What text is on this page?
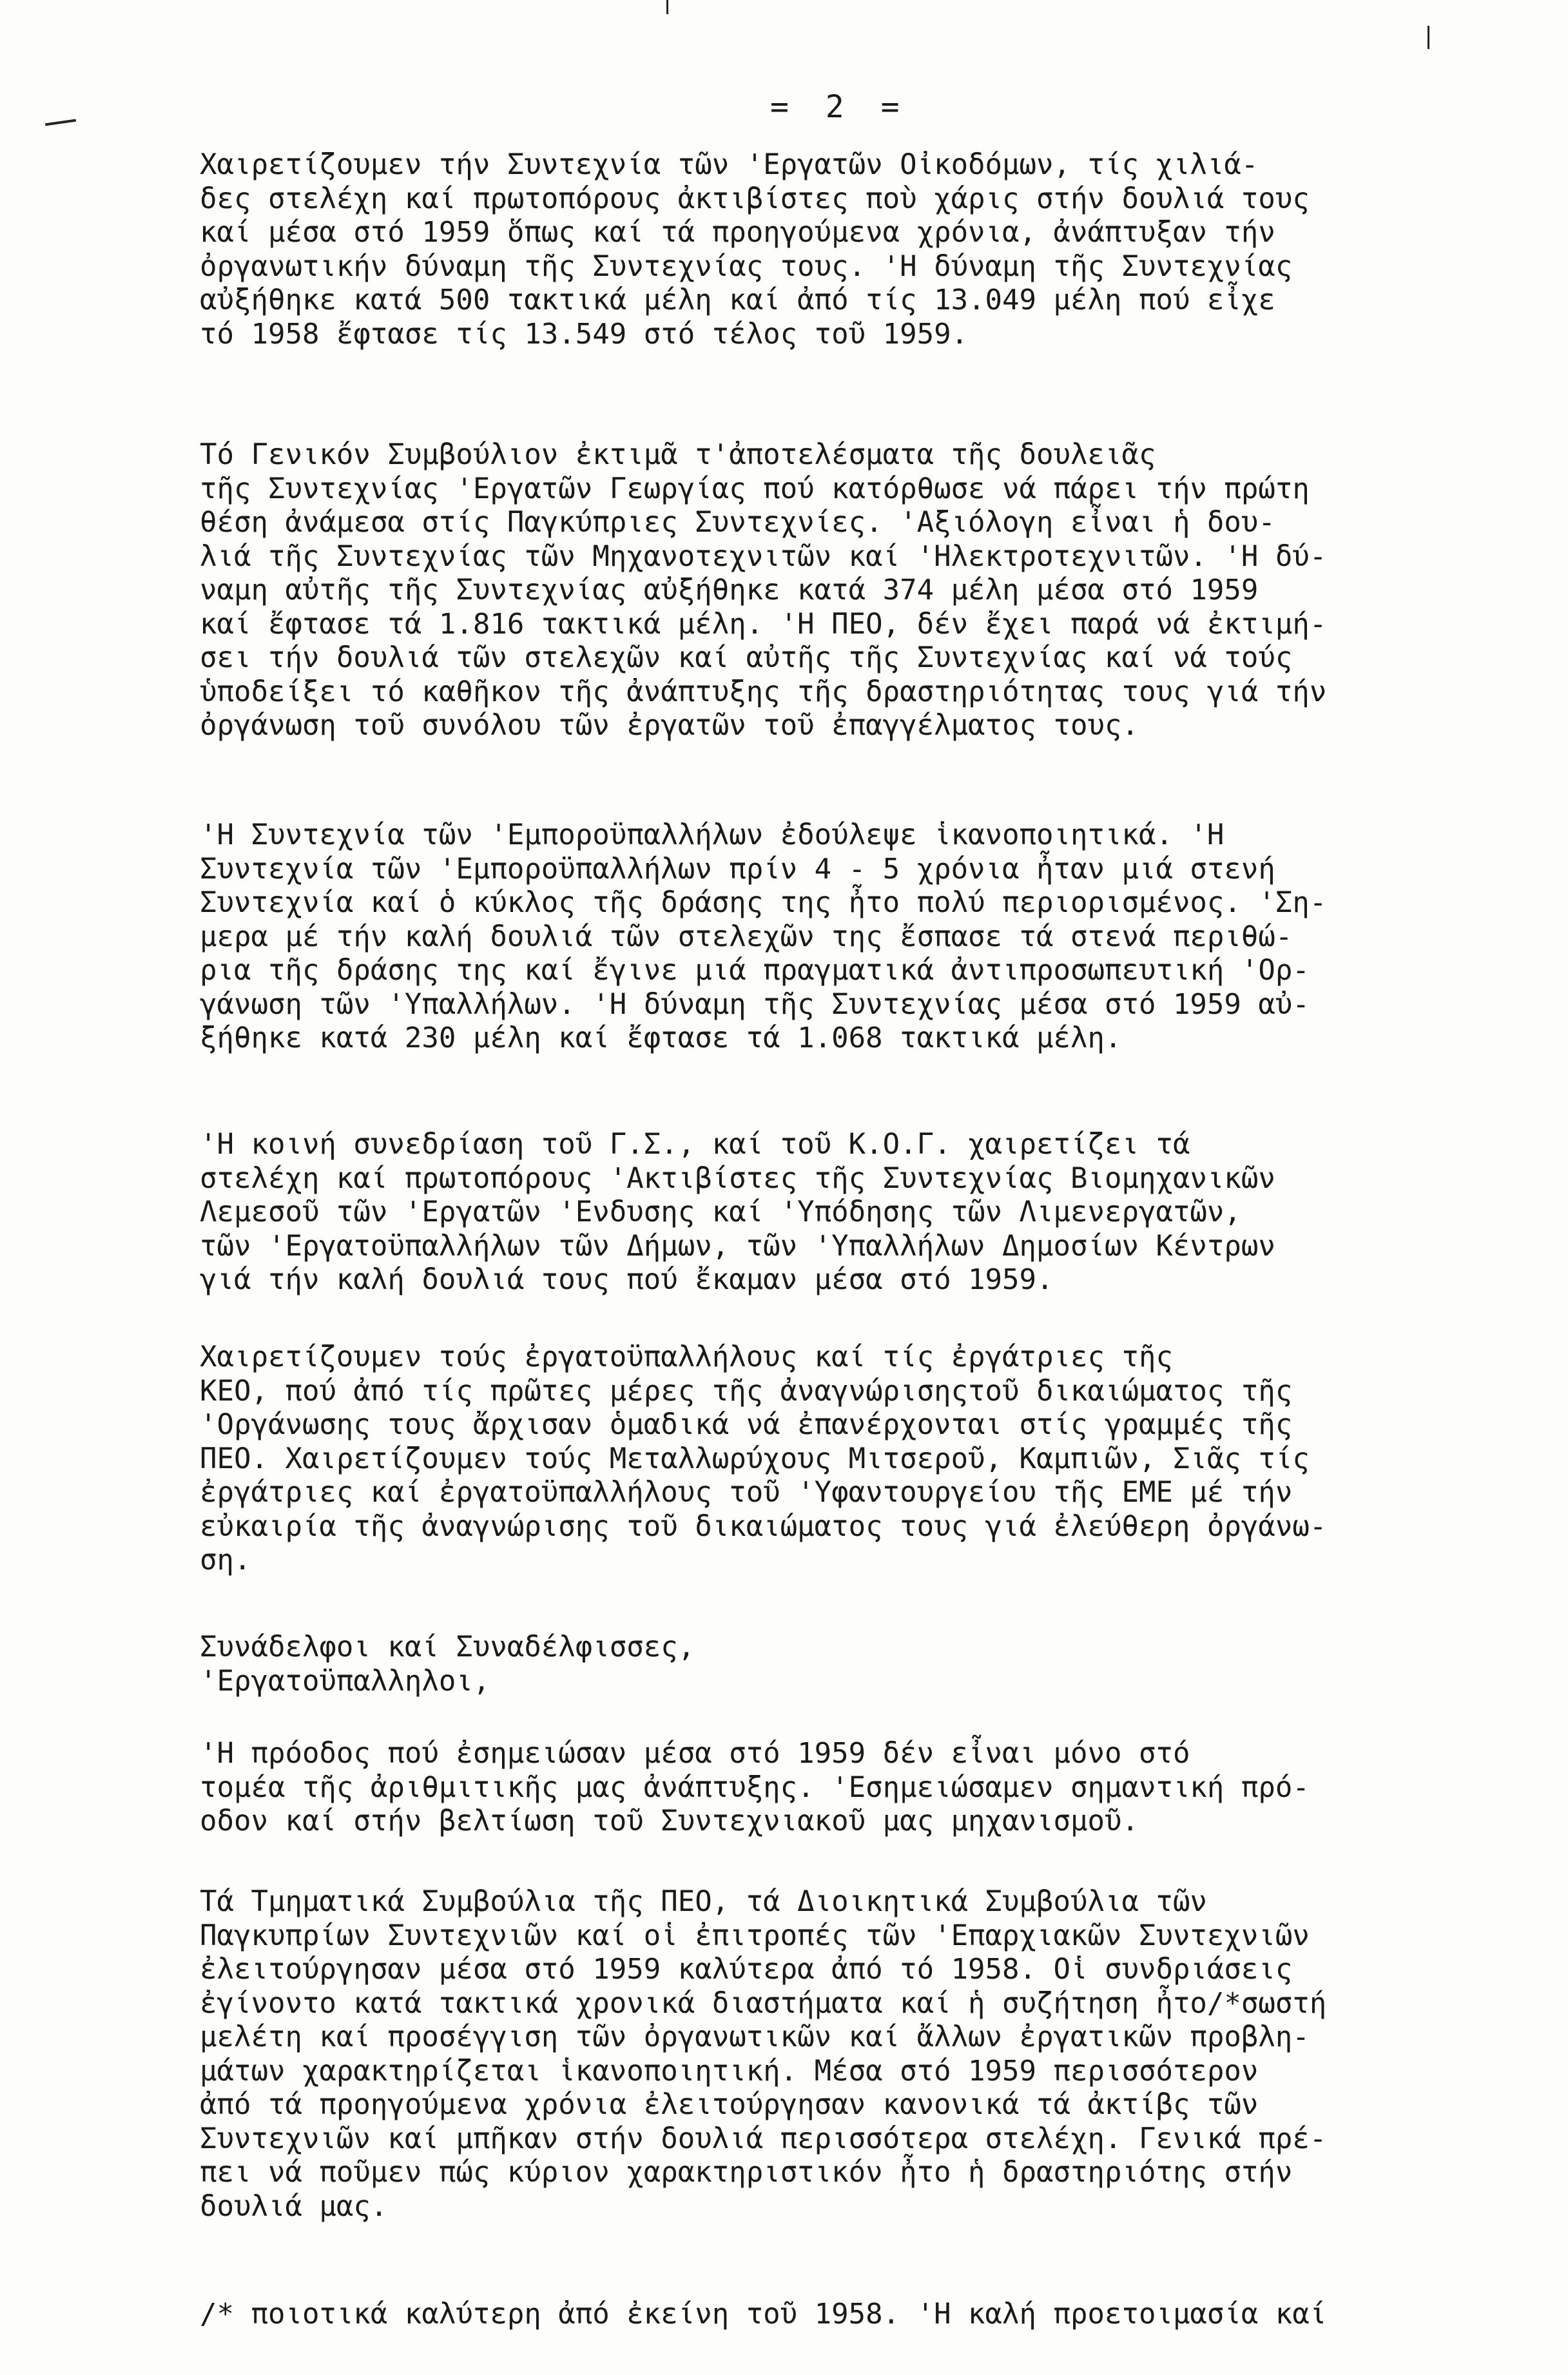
= 2 =
Χαιρετίζουμεν τήν Συντεχνία τῶν 'Εργατῶν Οἰκοδόμων, τίς χιλιά-
δες στελέχη καί πρωτοπόρους ἀκτιβίστες ποὺ χάρις στήν δουλιά τους
καί μέσα στό 1959 ὅπως καί τά προηγούμενα χρόνια, ἀνάπτυξαν τήν
ὀργανωτικήν δύναμη τῆς Συντεχνίας τους. 'Η δύναμη τῆς Συντεχνίας
αὐξήθηκε κατά 500 τακτικά μέλη καί ἀπό τίς 13.049 μέλη πού εἶχε
τό 1958 ἔφτασε τίς 13.549 στό τέλος τοῦ 1959.
Τό Γενικόν Συμβούλιον ἐκτιμᾶ τ'ἀποτελέσματα τῆς δουλειᾶς
τῆς Συντεχνίας 'Εργατῶν Γεωργίας πού κατόρθωσε νά πάρει τήν πρώτη
θέση ἀνάμεσα στίς Παγκύπριες Συντεχνίες. 'Αξιόλογη εἶναι ἡ δου-
λιά τῆς Συντεχνίας τῶν Μηχανοτεχνιτῶν καί 'Ηλεκτροτεχνιτῶν. 'Η δύ-
ναμη αὐτῆς τῆς Συντεχνίας αὐξήθηκε κατά 374 μέλη μέσα στό 1959
καί ἔφτασε τά 1.816 τακτικά μέλη. 'Η ΠΕΟ, δέν ἔχει παρά νά ἐκτιμή-
σει τήν δουλιά τῶν στελεχῶν καί αὐτῆς τῆς Συντεχνίας καί νά τούς
ὑποδείξει τό καθῆκον τῆς ἀνάπτυξης τῆς δραστηριότητας τους γιά τήν
ὀργάνωση τοῦ συνόλου τῶν ἐργατῶν τοῦ ἐπαγγέλματος τους.
'Η Συντεχνία τῶν 'Εμποροϋπαλλήλων ἐδούλεψε ἱκανοποιητικά. 'Η
Συντεχνία τῶν 'Εμποροϋπαλλήλων πρίν 4 - 5 χρόνια ἦταν μιά στενή
Συντεχνία καί ὁ κύκλος τῆς δράσης της ἦτο πολύ περιορισμένος. 'Ση-
μερα μέ τήν καλή δουλιά τῶν στελεχῶν της ἔσπασε τά στενά περιθώ-
ρια τῆς δράσης της καί ἔγινε μιά πραγματικά ἀντιπροσωπευτική 'Ορ-
γάνωση τῶν 'Υπαλλήλων. 'Η δύναμη τῆς Συντεχνίας μέσα στό 1959 αὐ-
ξήθηκε κατά 230 μέλη καί ἔφτασε τά 1.068 τακτικά μέλη.
'Η κοινή συνεδρίαση τοῦ Γ.Σ., καί τοῦ Κ.Ο.Γ. χαιρετίζει τά
στελέχη καί πρωτοπόρους 'Ακτιβίστες τῆς Συντεχνίας Βιομηχανικῶν
Λεμεσοῦ τῶν 'Εργατῶν 'Ενδυσης καί 'Υπόδησης τῶν Λιμενεργατῶν,
τῶν 'Εργατοϋπαλλήλων τῶν Δήμων, τῶν 'Υπαλλήλων Δημοσίων Κέντρων
γιά τήν καλή δουλιά τους πού ἔκαμαν μέσα στό 1959.
Χαιρετίζουμεν τούς ἐργατοϋπαλλήλους καί τίς ἐργάτριες τῆς
ΚΕΟ, πού ἀπό τίς πρῶτες μέρες τῆς ἀναγνώρισηςτοῦ δικαιώματος τῆς
'Οργάνωσης τους ἄρχισαν ὁμαδικά νά ἐπανέρχονται στίς γραμμές τῆς
ΠΕΟ. Χαιρετίζουμεν τούς Μεταλλωρύχους Μιτσεροῦ, Καμπιῶν, Σιᾶς τίς
ἐργάτριες καί ἐργατοϋπαλλήλους τοῦ 'Υφαντουργείου τῆς ΕΜΕ μέ τήν
εὐκαιρία τῆς ἀναγνώρισης τοῦ δικαιώματος τους γιά ἐλεύθερη ὀργάνω-
ση.
Συνάδελφοι καί Συναδέλφισσες,
'Εργατοϋπαλληλοι,
'Η πρόοδος πού ἐσημειώσαν μέσα στό 1959 δέν εἶναι μόνο στό
τομέα τῆς ἀριθμιτικῆς μας ἀνάπτυξης. 'Εσημειώσαμεν σημαντική πρό-
οδον καί στήν βελτίωση τοῦ Συντεχνιακοῦ μας μηχανισμοῦ.
Τά Τμηματικά Συμβούλια τῆς ΠΕΟ, τά Διοικητικά Συμβούλια τῶν
Παγκυπρίων Συντεχνιῶν καί οἱ ἐπιτροπές τῶν 'Επαρχιακῶν Συντεχνιῶν
ἐλειτούργησαν μέσα στό 1959 καλύτερα ἀπό τό 1958. Οἱ συνδριάσεις
ἐγίνοντο κατά τακτικά χρονικά διαστήματα καί ἡ συζήτηση ἦτο/*σωστή
μελέτη καί προσέγγιση τῶν ὀργανωτικῶν καί ἄλλων ἐργατικῶν προβλη-
μάτων χαρακτηρίζεται ἱκανοποιητική. Μέσα στό 1959 περισσότερον
ἀπό τά προηγούμενα χρόνια ἐλειτούργησαν κανονικά τά ἀκτίβς τῶν
Συντεχνιῶν καί μπῆκαν στήν δουλιά περισσότερα στελέχη. Γενικά πρέ-
πει νά ποῦμεν πώς κύριον χαρακτηριστικόν ἦτο ἡ δραστηριότης στήν
δουλιά μας.
/* ποιοτικά καλύτερη ἀπό ἐκείνη τοῦ 1958. 'Η καλή προετοιμασία καί
